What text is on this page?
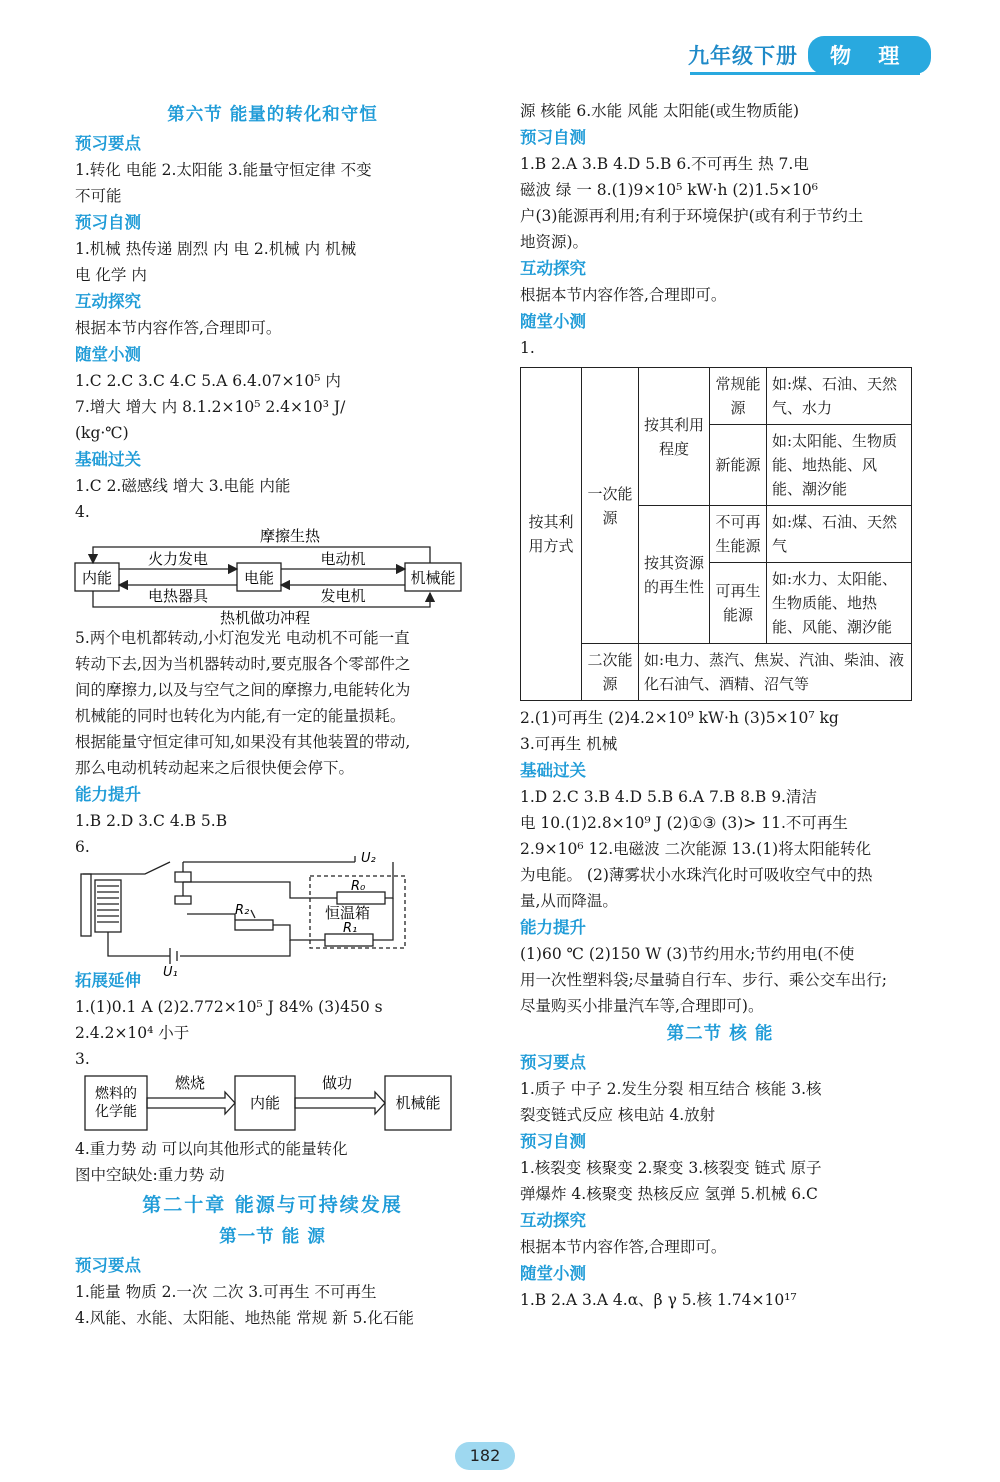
九年级下册	物 理
第六节 能量的转化和守恒
预习要点
1.转化 电能 2.太阳能 3.能量守恒定律 不变
不可能
预习自测
1.机械 热传递 剧烈 内 电 2.机械 内 机械
电 化学 内
互动探究
根据本节内容作答,合理即可。
随堂小测
1.C 2.C 3.C 4.C 5.A 6.4.07×10⁵ 内
7.增大 增大 内 8.1.2×10⁵ 2.4×10³ J/
(kg·℃)
基础过关
1.C 2.磁感线 增大 3.电能 内能
4.
摩擦生热
内能	电能	机械能
火力发电
电热器具
电动机
发电机
热机做功冲程
5.两个电机都转动,小灯泡发光 电动机不可能一直
转动下去,因为当机器转动时,要克服各个零部件之
间的摩擦力,以及与空气之间的摩擦力,电能转化为
机械能的同时也转化为内能,有一定的能量损耗。
根据能量守恒定律可知,如果没有其他装置的带动,
那么电动机转动起来之后很快便会停下。
能力提升
1.B 2.D 3.C 4.B 5.B
6.
U₂
R₀
R₂
R₁
恒温箱
U₁
拓展延伸
1.(1)0.1 A (2)2.772×10⁵ J 84% (3)450 s
2.4.2×10⁴ 小于
3.
燃料的
化学能
燃烧
内能
做功
机械能
4.重力势 动 可以向其他形式的能量转化
图中空缺处:重力势 动
第二十章 能源与可持续发展
第一节 能 源
预习要点
1.能量 物质 2.一次 二次 3.可再生 不可再生
4.风能、水能、太阳能、地热能 常规 新 5.化石能
源 核能 6.水能 风能 太阳能(或生物质能)
预习自测
1.B 2.A 3.B 4.D 5.B 6.不可再生 热 7.电
磁波 绿 一 8.(1)9×10⁵ kW·h (2)1.5×10⁶
户(3)能源再利用;有利于环境保护(或有利于节约土
地资源)。
互动探究
根据本节内容作答,合理即可。
随堂小测
1.
按其利用方式	一次能源	按其利用程度	常规能源	如:煤、石油、天然气、水力
			新能源	如:太阳能、生物质能、地热能、风能、潮汐能
		按其资源的再生性	不可再生能源	如:煤、石油、天然气
			可再生能源	如:水力、太阳能、生物质能、地热能、风能、潮汐能
	二次能源	如:电力、蒸汽、焦炭、汽油、柴油、液化石油气、酒精、沼气等		
2.(1)可再生 (2)4.2×10⁹ kW·h (3)5×10⁷ kg
3.可再生 机械
基础过关
1.D 2.C 3.B 4.D 5.B 6.A 7.B 8.B 9.清洁
电 10.(1)2.8×10⁹ J (2)①③ (3)> 11.不可再生
2.9×10⁶ 12.电磁波 二次能源 13.(1)将太阳能转化
为电能。 (2)薄雾状小水珠汽化时可吸收空气中的热
量,从而降温。
能力提升
(1)60 ℃ (2)150 W (3)节约用水;节约用电(不使
用一次性塑料袋;尽量骑自行车、步行、乘公交车出行;
尽量购买小排量汽车等,合理即可)。
第二节 核 能
预习要点
1.质子 中子 2.发生分裂 相互结合 核能 3.核
裂变链式反应 核电站 4.放射
预习自测
1.核裂变 核聚变 2.聚变 3.核裂变 链式 原子
弹爆炸 4.核聚变 热核反应 氢弹 5.机械 6.C
互动探究
根据本节内容作答,合理即可。
随堂小测
1.B 2.A 3.A 4.α、β γ 5.核 1.74×10¹⁷
182
